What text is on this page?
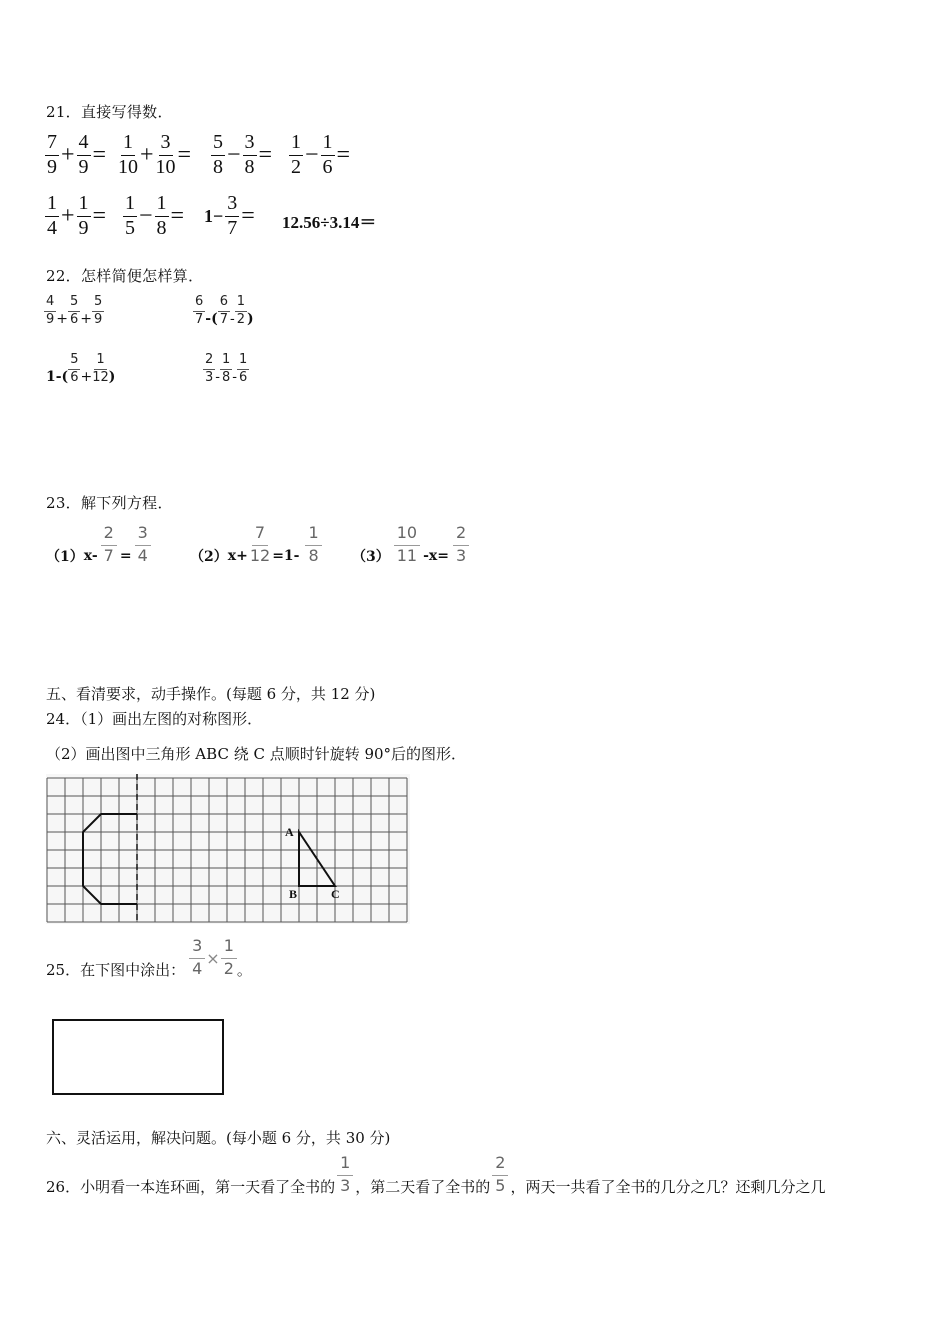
21．直接写得数．
7
$9 + \frac{4}{9} = 1$
$10 + \frac{3}{10} = 5$
$8 - \frac{3}{8} = 1$
$2 - \frac{1}{6}$ =
1
$4 + \frac{1}{9} = 1$
$5 - \frac{1}{8} = 1- \frac{3}{7} = 12.56\div 3.14=$
22．怎样简便怎样算．
4
$9 + \frac{5}{6} + \frac{5}{9}$	6
7 -(
6
7 -
1
2 )
1-(
5
$6 + \frac{1}{12}$ )
2
3 -
1
8 -
1
6
23．解下列方程．
（1） $x- \frac{2}{7} = \frac{3}{4}$	（2） $x+ \frac{7}{12} =1-$
1
8 （3）
10
11 $-x= \frac{2}{3}$
五、看清要求，动手操作。(每题 6 分，共 12 分)
24．（1）画出左图的对称图形．
（2）画出图中三角形 ABC 绕 C 点顺时针旋转 90°后的图形．
A
B	C
25．在下图中涂出： $\frac{3}{4} \times \frac{1}{2}$ 。
六、灵活运用，解决问题。(每小题 6 分，共 30 分)
26．小明看一本连环画，第一天看了全书的
1
3 ，第二天看了全书的
2
5 ，两天一共看了全书的几分之几？还剩几分之几
